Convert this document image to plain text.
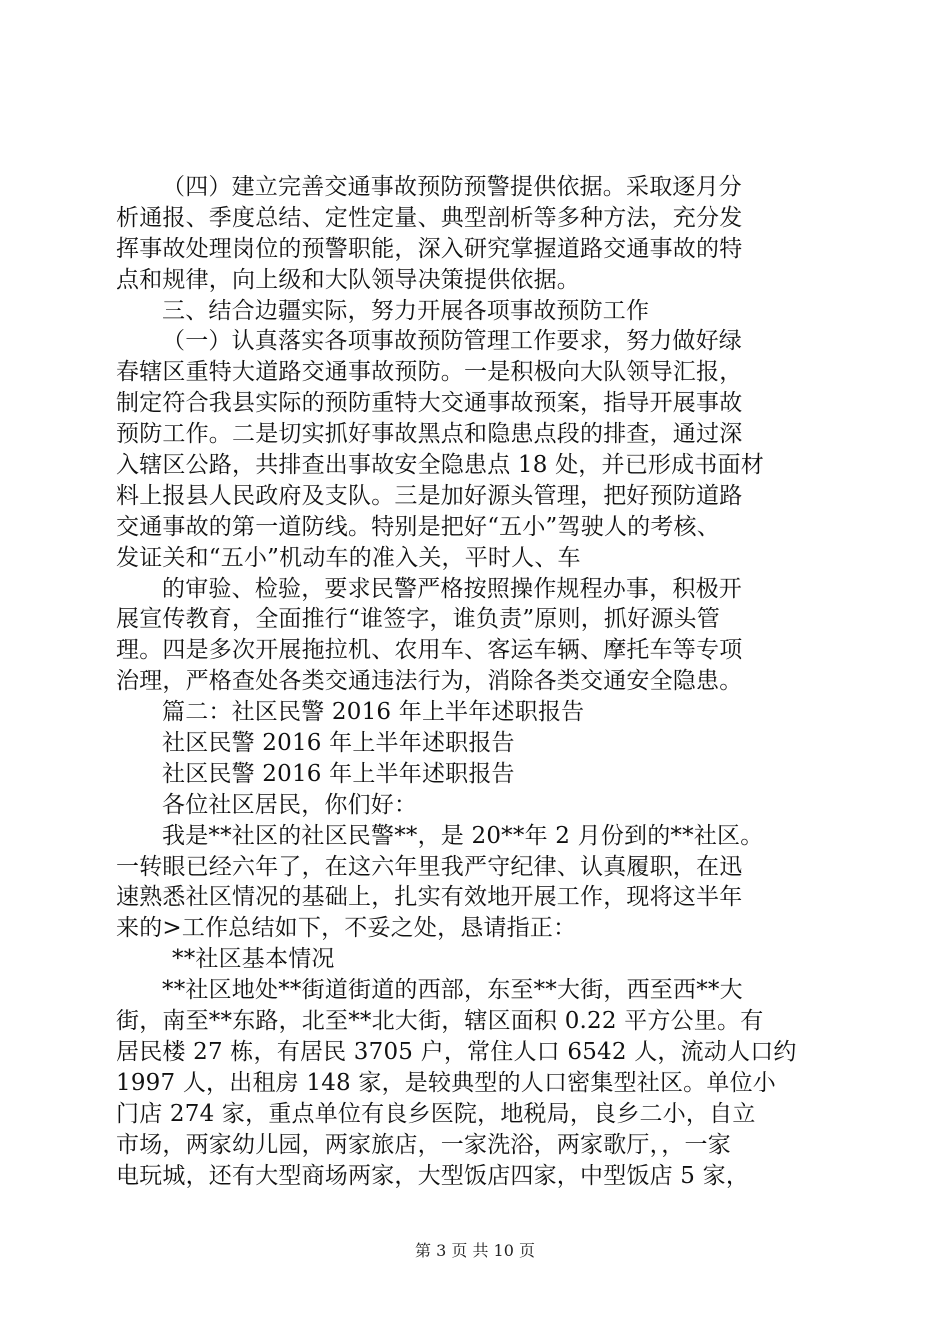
（四）建立完善交通事故预防预警提供依据。采取逐月分
析通报、季度总结、定性定量、典型剖析等多种方法，充分发
挥事故处理岗位的预警职能，深入研究掌握道路交通事故的特
点和规律，向上级和大队领导决策提供依据。
三、结合边疆实际，努力开展各项事故预防工作
（一）认真落实各项事故预防管理工作要求，努力做好绿
春辖区重特大道路交通事故预防。一是积极向大队领导汇报，
制定符合我县实际的预防重特大交通事故预案，指导开展事故
预防工作。二是切实抓好事故黑点和隐患点段的排查，通过深
入辖区公路，共排查出事故安全隐患点 18 处，并已形成书面材
料上报县人民政府及支队。三是加好源头管理，把好预防道路
交通事故的第一道防线。特别是把好“五小”驾驶人的考核、
发证关和“五小”机动车的准入关，平时人、车
的审验、检验，要求民警严格按照操作规程办事，积极开
展宣传教育，全面推行“谁签字，谁负责”原则，抓好源头管
理。四是多次开展拖拉机、农用车、客运车辆、摩托车等专项
治理，严格查处各类交通违法行为，消除各类交通安全隐患。
篇二：社区民警 2016 年上半年述职报告
社区民警 2016 年上半年述职报告
社区民警 2016 年上半年述职报告
各位社区居民，你们好：
我是**社区的社区民警**，是 20**年 2 月份到的**社区。
一转眼已经六年了，在这六年里我严守纪律、认真履职，在迅
速熟悉社区情况的基础上，扎实有效地开展工作，现将这半年
来的>工作总结如下，不妥之处，恳请指正：
**社区基本情况
**社区地处**街道街道的西部，东至**大街，西至西**大
街，南至**东路，北至**北大街，辖区面积 0.22 平方公里。有
居民楼 27 栋，有居民 3705 户，常住人口 6542 人，流动人口约
1997 人，出租房 148 家，是较典型的人口密集型社区。单位小
门店 274 家，重点单位有良乡医院，地税局，良乡二小，自立
市场，两家幼儿园，两家旅店，一家洗浴，两家歌厅，，一家
电玩城，还有大型商场两家，大型饭店四家，中型饭店 5 家，
第 3 页 共 10 页
